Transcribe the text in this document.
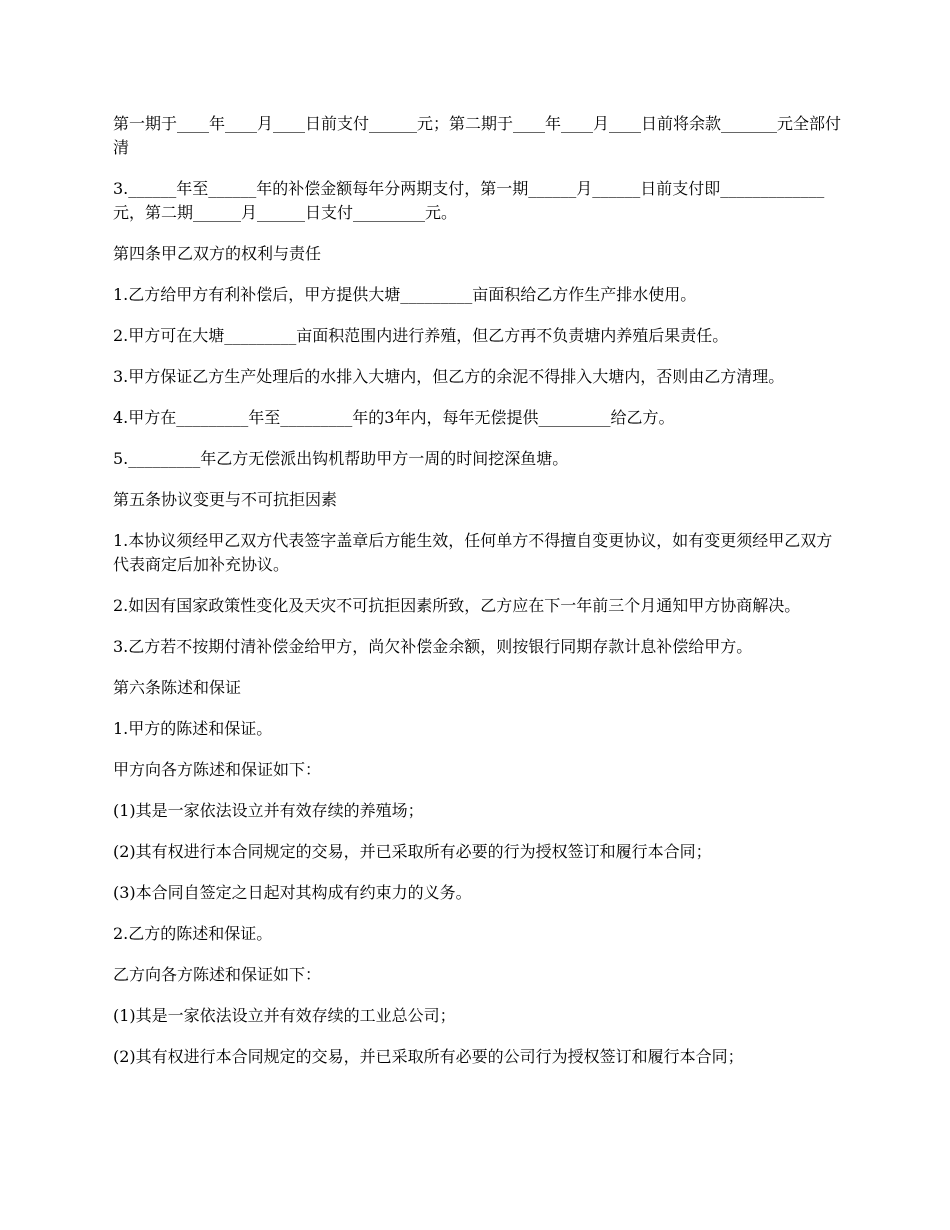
第一期于____年____月____日前支付______元；第二期于____年____月____日前将余款_______元全部付清

3.______年至______年的补偿金额每年分两期支付，第一期______月______日前支付即_____________元，第二期______月______日支付_________元。

第四条甲乙双方的权利与责任

1.乙方给甲方有利补偿后，甲方提供大塘_________亩面积给乙方作生产排水使用。

2.甲方可在大塘_________亩面积范围内进行养殖，但乙方再不负责塘内养殖后果责任。

3.甲方保证乙方生产处理后的水排入大塘内，但乙方的余泥不得排入大塘内，否则由乙方清理。

4.甲方在_________年至_________年的3年内，每年无偿提供_________给乙方。

5._________年乙方无偿派出钩机帮助甲方一周的时间挖深鱼塘。

第五条协议变更与不可抗拒因素

1.本协议须经甲乙双方代表签字盖章后方能生效，任何单方不得擅自变更协议，如有变更须经甲乙双方代表商定后加补充协议。

2.如因有国家政策性变化及天灾不可抗拒因素所致，乙方应在下一年前三个月通知甲方协商解决。

3.乙方若不按期付清补偿金给甲方，尚欠补偿金余额，则按银行同期存款计息补偿给甲方。

第六条陈述和保证

1.甲方的陈述和保证。

甲方向各方陈述和保证如下：

(1)其是一家依法设立并有效存续的养殖场；

(2)其有权进行本合同规定的交易，并已采取所有必要的行为授权签订和履行本合同；

(3)本合同自签定之日起对其构成有约束力的义务。

2.乙方的陈述和保证。

乙方向各方陈述和保证如下：

(1)其是一家依法设立并有效存续的工业总公司；

(2)其有权进行本合同规定的交易，并已采取所有必要的公司行为授权签订和履行本合同；
